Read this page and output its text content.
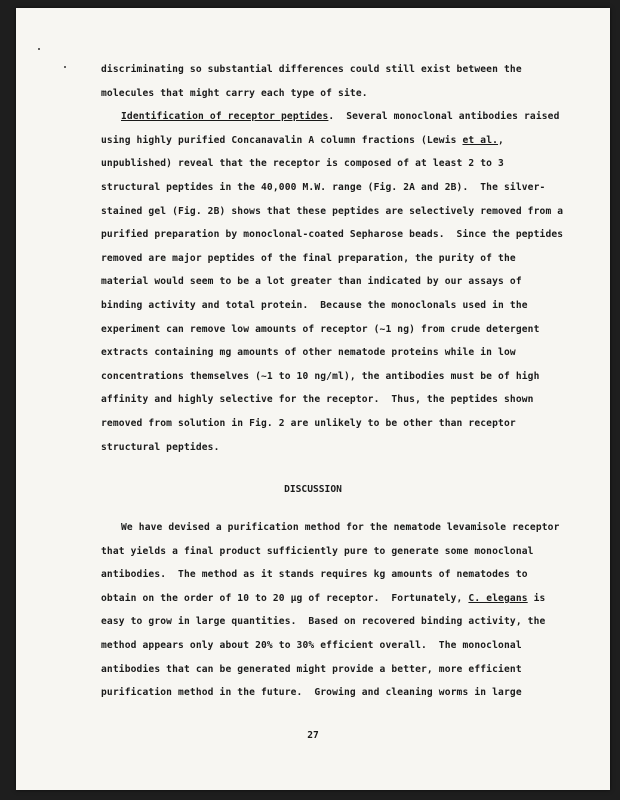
discriminating so substantial differences could still exist between the
molecules that might carry each type of site.
Identification of receptor peptides.  Several monoclonal antibodies raised
using highly purified Concanavalin A column fractions (Lewis et al.,
unpublished) reveal that the receptor is composed of at least 2 to 3
structural peptides in the 40,000 M.W. range (Fig. 2A and 2B).  The silver-
stained gel (Fig. 2B) shows that these peptides are selectively removed from a
purified preparation by monoclonal-coated Sepharose beads.  Since the peptides
removed are major peptides of the final preparation, the purity of the
material would seem to be a lot greater than indicated by our assays of
binding activity and total protein.  Because the monoclonals used in the
experiment can remove low amounts of receptor (~1 ng) from crude detergent
extracts containing mg amounts of other nematode proteins while in low
concentrations themselves (~1 to 10 ng/ml), the antibodies must be of high
affinity and highly selective for the receptor.  Thus, the peptides shown
removed from solution in Fig. 2 are unlikely to be other than receptor
structural peptides.
DISCUSSION
We have devised a purification method for the nematode levamisole receptor
that yields a final product sufficiently pure to generate some monoclonal
antibodies.  The method as it stands requires kg amounts of nematodes to
obtain on the order of 10 to 20 μg of receptor.  Fortunately, C. elegans is
easy to grow in large quantities.  Based on recovered binding activity, the
method appears only about 20% to 30% efficient overall.  The monoclonal
antibodies that can be generated might provide a better, more efficient
purification method in the future.  Growing and cleaning worms in large
27
